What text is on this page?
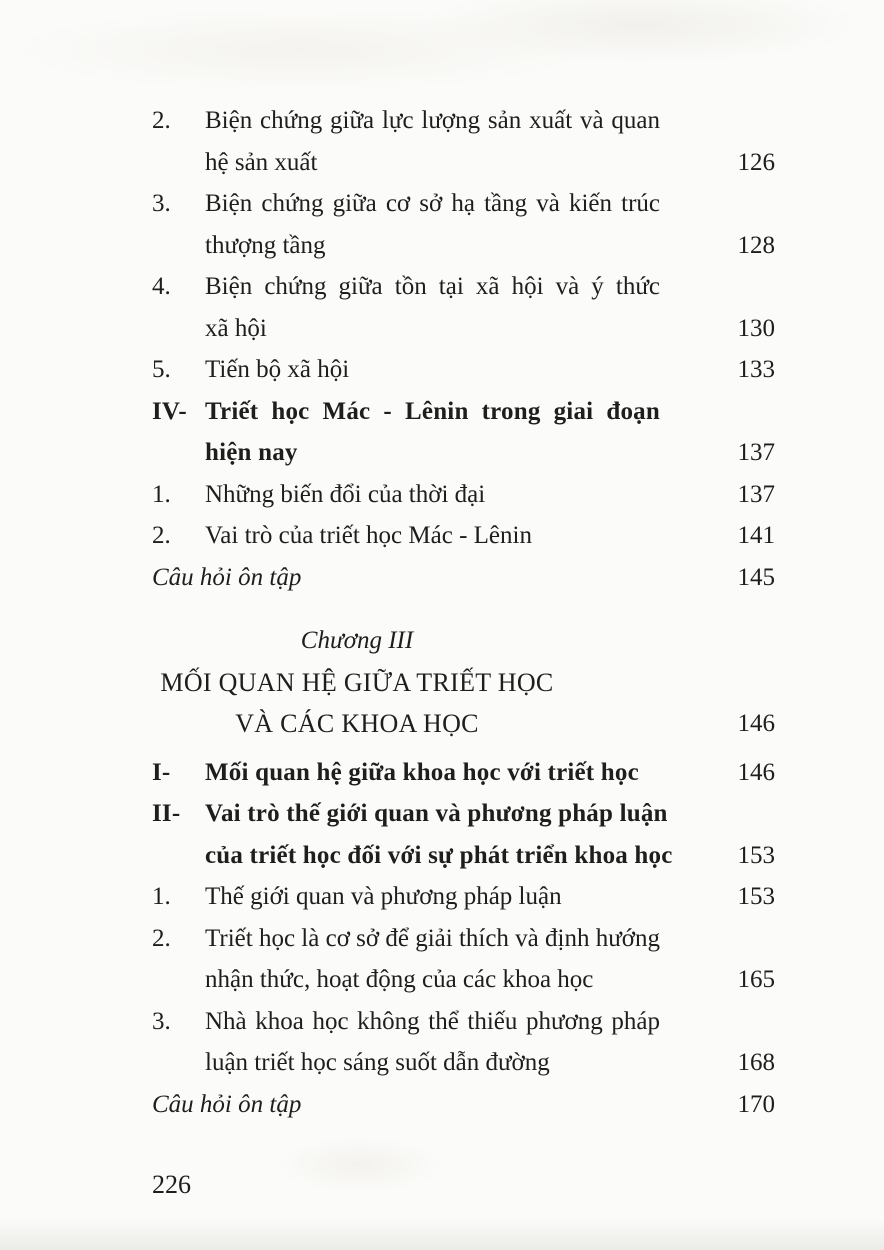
2. Biện chứng giữa lực lượng sản xuất và quan
hệ sản xuất	126
3. Biện chứng giữa cơ sở hạ tầng và kiến trúc
thượng tầng	128
4. Biện chứng giữa tồn tại xã hội và ý thức
xã hội	130
5. Tiến bộ xã hội	133
IV- Triết học Mác - Lênin trong giai đoạn
hiện nay	137
1. Những biến đổi của thời đại	137
2. Vai trò của triết học Mác - Lênin	141
Câu hỏi ôn tập	145
Chương III
MỐI QUAN HỆ GIỮA TRIẾT HỌC
VÀ CÁC KHOA HỌC	146
I- Mối quan hệ giữa khoa học với triết học	146
II- Vai trò thế giới quan và phương pháp luận
của triết học đối với sự phát triển khoa học	153
1. Thế giới quan và phương pháp luận	153
2. Triết học là cơ sở để giải thích và định hướng
nhận thức, hoạt động của các khoa học	165
3. Nhà khoa học không thể thiếu phương pháp
luận triết học sáng suốt dẫn đường	168
Câu hỏi ôn tập	170
226
